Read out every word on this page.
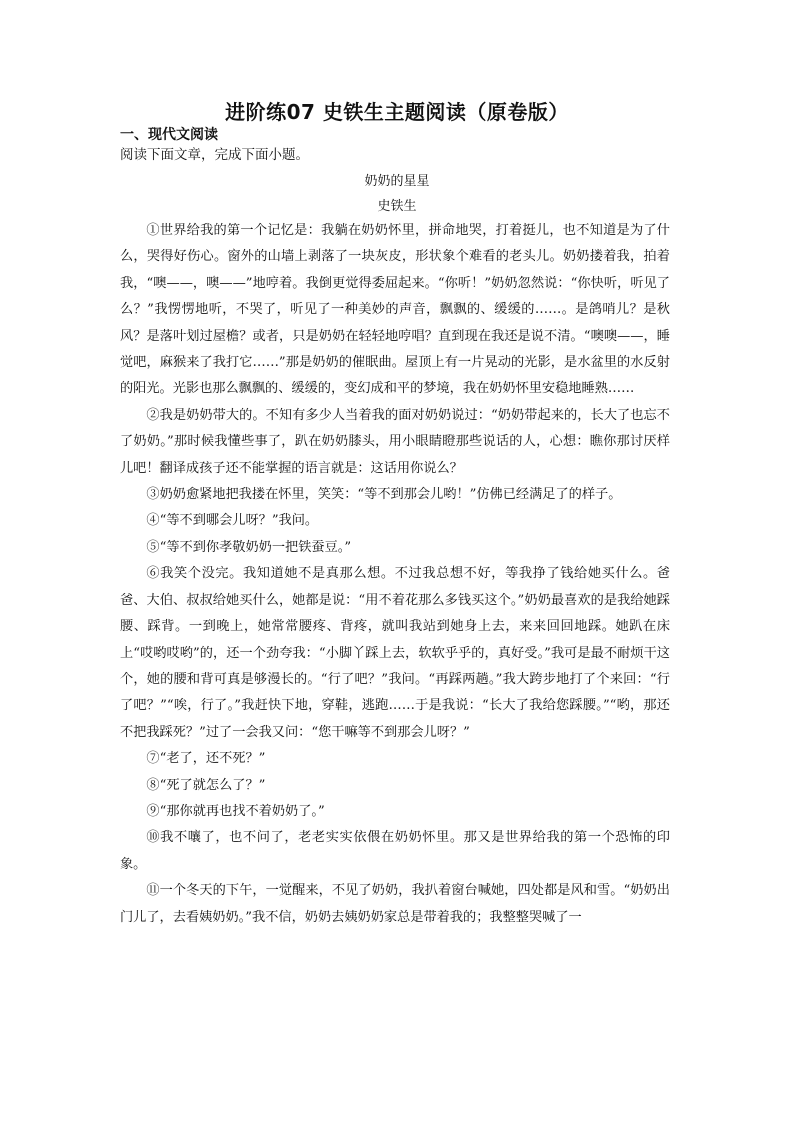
进阶练07 史铁生主题阅读（原卷版）
一、现代文阅读
阅读下面文章，完成下面小题。
奶奶的星星
史铁生

①世界给我的第一个记忆是：我躺在奶奶怀里，拼命地哭，打着挺儿，也不知道是为了什么，哭得好伤心。窗外的山墙上剥落了一块灰皮，形状象个难看的老头儿。奶奶搂着我，拍着我，“噢——，噢——”地哼着。我倒更觉得委屈起来。“你听！”奶奶忽然说：“你快听，听见了么？”我愣愣地听，不哭了，听见了一种美妙的声音，飘飘的、缓缓的……。是鸽哨儿？是秋风？是落叶划过屋檐？或者，只是奶奶在轻轻地哼唱？直到现在我还是说不清。“噢噢——，睡觉吧，麻猴来了我打它……”那是奶奶的催眠曲。屋顶上有一片晃动的光影，是水盆里的水反射的阳光。光影也那么飘飘的、缓缓的，变幻成和平的梦境，我在奶奶怀里安稳地睡熟……

②我是奶奶带大的。不知有多少人当着我的面对奶奶说过：“奶奶带起来的，长大了也忘不了奶奶。”那时候我懂些事了，趴在奶奶膝头，用小眼睛瞪那些说话的人，心想：瞧你那讨厌样儿吧！翻译成孩子还不能掌握的语言就是：这话用你说么？

③奶奶愈紧地把我搂在怀里，笑笑：“等不到那会儿哟！”仿佛已经满足了的样子。

④“等不到哪会儿呀？”我问。

⑤“等不到你孝敬奶奶一把铁蚕豆。”

⑥我笑个没完。我知道她不是真那么想。不过我总想不好，等我挣了钱给她买什么。爸爸、大伯、叔叔给她买什么，她都是说：“用不着花那么多钱买这个。”奶奶最喜欢的是我给她踩腰、踩背。一到晚上，她常常腰疼、背疼，就叫我站到她身上去，来来回回地踩。她趴在床上“哎哟哎哟”的，还一个劲夸我：“小脚丫踩上去，软软乎乎的，真好受。”我可是最不耐烦干这个，她的腰和背可真是够漫长的。“行了吧？”我问。“再踩两趟。”我大跨步地打了个来回：“行了吧？”“唉，行了。”我赶快下地，穿鞋，逃跑……于是我说：“长大了我给您踩腰。”“哟，那还不把我踩死？”过了一会我又问：“您干嘛等不到那会儿呀？”

⑦“老了，还不死？”

⑧“死了就怎么了？”

⑨“那你就再也找不着奶奶了。”

⑩我不嚷了，也不问了，老老实实依偎在奶奶怀里。那又是世界给我的第一个恐怖的印象。

⑪一个冬天的下午，一觉醒来，不见了奶奶，我扒着窗台喊她，四处都是风和雪。“奶奶出门儿了，去看姨奶奶。”我不信，奶奶去姨奶奶家总是带着我的；我整整哭喊了一
